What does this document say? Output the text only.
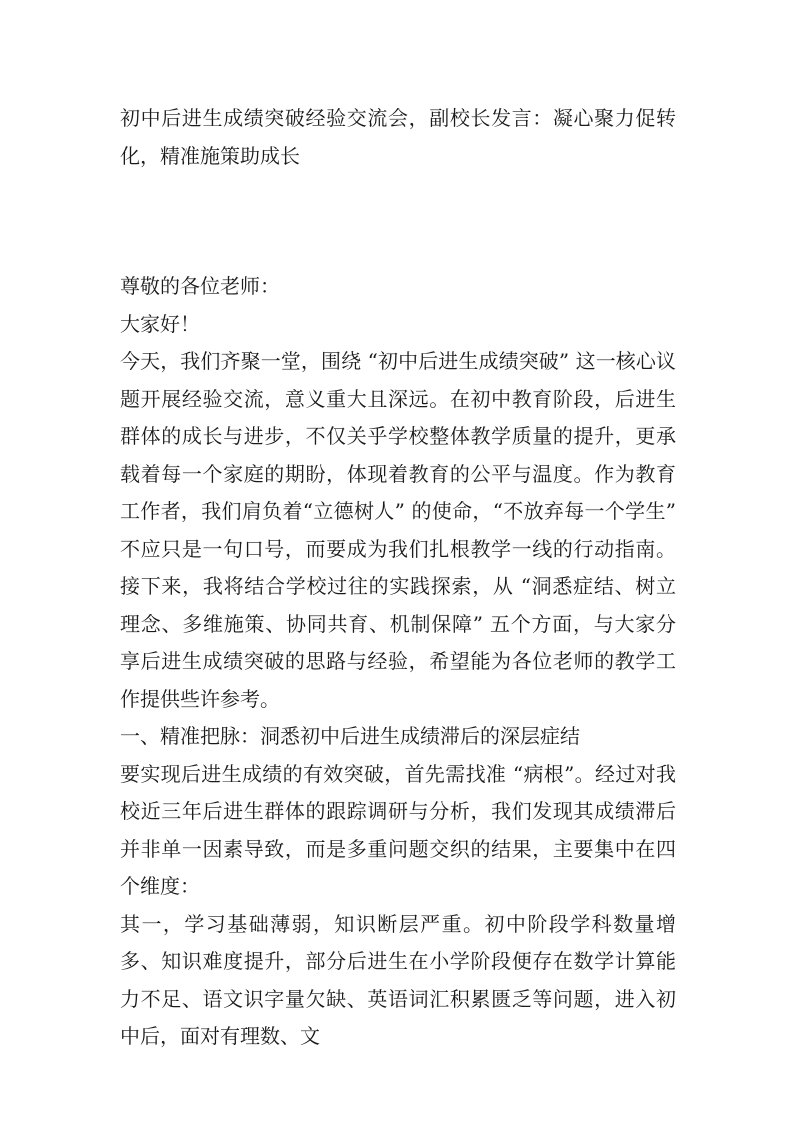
初中后进生成绩突破经验交流会，副校长发言：凝心聚力促转化，精准施策助成长

尊敬的各位老师：

大家好！

今天，我们齐聚一堂，围绕 “初中后进生成绩突破” 这一核心议题开展经验交流，意义重大且深远。在初中教育阶段，后进生群体的成长与进步，不仅关乎学校整体教学质量的提升，更承载着每一个家庭的期盼，体现着教育的公平与温度。作为教育工作者，我们肩负着“立德树人” 的使命，“不放弃每一个学生” 不应只是一句口号，而要成为我们扎根教学一线的行动指南。接下来，我将结合学校过往的实践探索，从 “洞悉症结、树立理念、多维施策、协同共育、机制保障” 五个方面，与大家分享后进生成绩突破的思路与经验，希望能为各位老师的教学工作提供些许参考。

一、精准把脉：洞悉初中后进生成绩滞后的深层症结

要实现后进生成绩的有效突破，首先需找准 “病根”。经过对我校近三年后进生群体的跟踪调研与分析，我们发现其成绩滞后并非单一因素导致，而是多重问题交织的结果，主要集中在四个维度：

其一，学习基础薄弱，知识断层严重。初中阶段学科数量增多、知识难度提升，部分后进生在小学阶段便存在数学计算能力不足、语文识字量欠缺、英语词汇积累匮乏等问题，进入初中后，面对有理数、文
